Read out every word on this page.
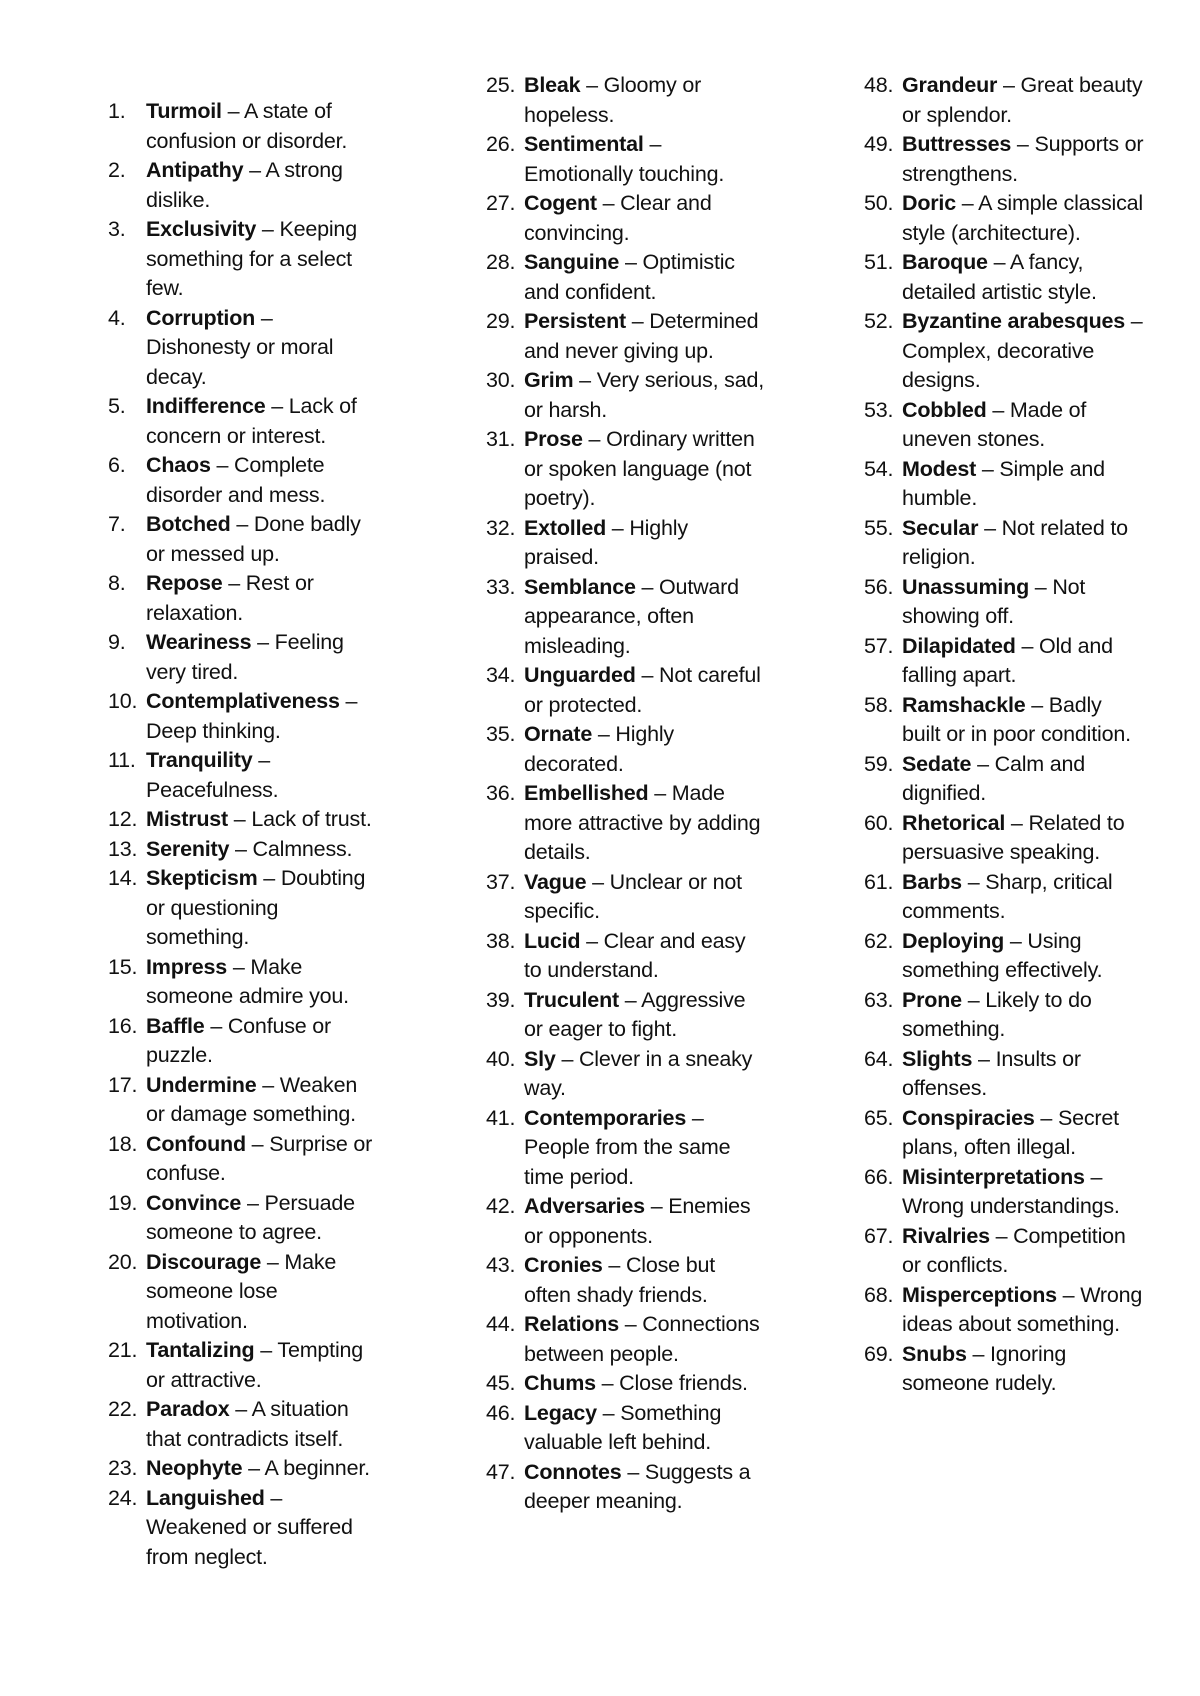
1. Turmoil – A state of confusion or disorder.
2. Antipathy – A strong dislike.
3. Exclusivity – Keeping something for a select few.
4. Corruption – Dishonesty or moral decay.
5. Indifference – Lack of concern or interest.
6. Chaos – Complete disorder and mess.
7. Botched – Done badly or messed up.
8. Repose – Rest or relaxation.
9. Weariness – Feeling very tired.
10. Contemplativeness – Deep thinking.
11. Tranquility – Peacefulness.
12. Mistrust – Lack of trust.
13. Serenity – Calmness.
14. Skepticism – Doubting or questioning something.
15. Impress – Make someone admire you.
16. Baffle – Confuse or puzzle.
17. Undermine – Weaken or damage something.
18. Confound – Surprise or confuse.
19. Convince – Persuade someone to agree.
20. Discourage – Make someone lose motivation.
21. Tantalizing – Tempting or attractive.
22. Paradox – A situation that contradicts itself.
23. Neophyte – A beginner.
24. Languished – Weakened or suffered from neglect.
25. Bleak – Gloomy or hopeless.
26. Sentimental – Emotionally touching.
27. Cogent – Clear and convincing.
28. Sanguine – Optimistic and confident.
29. Persistent – Determined and never giving up.
30. Grim – Very serious, sad, or harsh.
31. Prose – Ordinary written or spoken language (not poetry).
32. Extolled – Highly praised.
33. Semblance – Outward appearance, often misleading.
34. Unguarded – Not careful or protected.
35. Ornate – Highly decorated.
36. Embellished – Made more attractive by adding details.
37. Vague – Unclear or not specific.
38. Lucid – Clear and easy to understand.
39. Truculent – Aggressive or eager to fight.
40. Sly – Clever in a sneaky way.
41. Contemporaries – People from the same time period.
42. Adversaries – Enemies or opponents.
43. Cronies – Close but often shady friends.
44. Relations – Connections between people.
45. Chums – Close friends.
46. Legacy – Something valuable left behind.
47. Connotes – Suggests a deeper meaning.
48. Grandeur – Great beauty or splendor.
49. Buttresses – Supports or strengthens.
50. Doric – A simple classical style (architecture).
51. Baroque – A fancy, detailed artistic style.
52. Byzantine arabesques – Complex, decorative designs.
53. Cobbled – Made of uneven stones.
54. Modest – Simple and humble.
55. Secular – Not related to religion.
56. Unassuming – Not showing off.
57. Dilapidated – Old and falling apart.
58. Ramshackle – Badly built or in poor condition.
59. Sedate – Calm and dignified.
60. Rhetorical – Related to persuasive speaking.
61. Barbs – Sharp, critical comments.
62. Deploying – Using something effectively.
63. Prone – Likely to do something.
64. Slights – Insults or offenses.
65. Conspiracies – Secret plans, often illegal.
66. Misinterpretations – Wrong understandings.
67. Rivalries – Competition or conflicts.
68. Misperceptions – Wrong ideas about something.
69. Snubs – Ignoring someone rudely.
